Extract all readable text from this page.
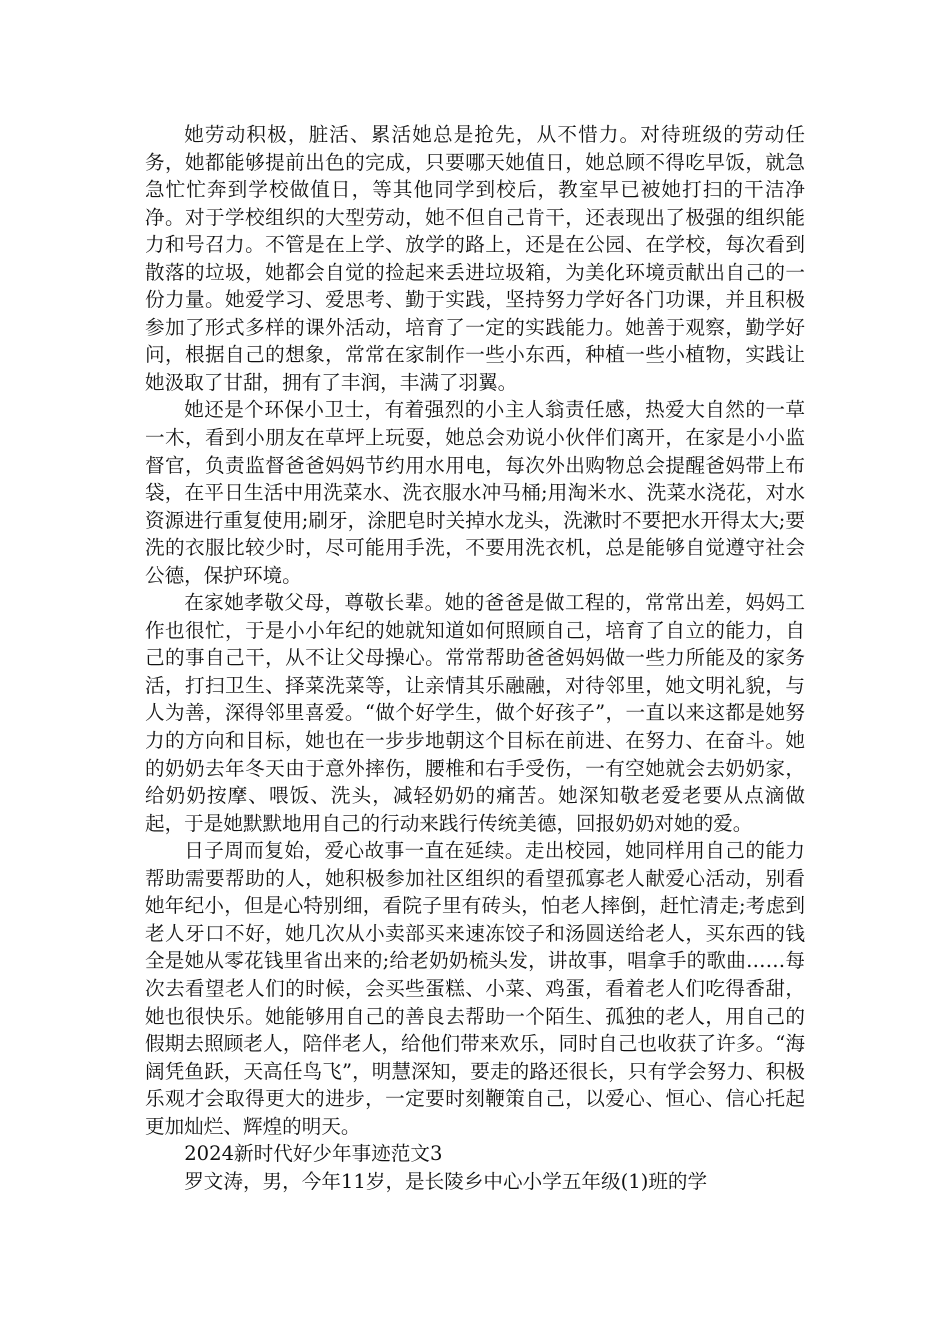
她劳动积极，脏活、累活她总是抢先，从不惜力。对待班级的劳动任务，她都能够提前出色的完成，只要哪天她值日，她总顾不得吃早饭，就急急忙忙奔到学校做值日，等其他同学到校后，教室早已被她打扫的干洁净净。对于学校组织的大型劳动，她不但自己肯干，还表现出了极强的组织能力和号召力。不管是在上学、放学的路上，还是在公园、在学校，每次看到散落的垃圾，她都会自觉的捡起来丢进垃圾箱，为美化环境贡献出自己的一份力量。她爱学习、爱思考、勤于实践，坚持努力学好各门功课，并且积极参加了形式多样的课外活动，培育了一定的实践能力。她善于观察，勤学好问，根据自己的想象，常常在家制作一些小东西，种植一些小植物，实践让她汲取了甘甜，拥有了丰润，丰满了羽翼。

她还是个环保小卫士，有着强烈的小主人翁责任感，热爱大自然的一草一木，看到小朋友在草坪上玩耍，她总会劝说小伙伴们离开，在家是小小监督官，负责监督爸爸妈妈节约用水用电，每次外出购物总会提醒爸妈带上布袋，在平日生活中用洗菜水、洗衣服水冲马桶;用淘米水、洗菜水浇花，对水资源进行重复使用;刷牙，涂肥皂时关掉水龙头，洗漱时不要把水开得太大;要洗的衣服比较少时，尽可能用手洗，不要用洗衣机，总是能够自觉遵守社会公德，保护环境。

在家她孝敬父母，尊敬长辈。她的爸爸是做工程的，常常出差，妈妈工作也很忙，于是小小年纪的她就知道如何照顾自己，培育了自立的能力，自己的事自己干，从不让父母操心。常常帮助爸爸妈妈做一些力所能及的家务活，打扫卫生、择菜洗菜等，让亲情其乐融融，对待邻里，她文明礼貌，与人为善，深得邻里喜爱。“做个好学生，做个好孩子”，一直以来这都是她努力的方向和目标，她也在一步步地朝这个目标在前进、在努力、在奋斗。她的奶奶去年冬天由于意外摔伤，腰椎和右手受伤，一有空她就会去奶奶家，给奶奶按摩、喂饭、洗头，减轻奶奶的痛苦。她深知敬老爱老要从点滴做起，于是她默默地用自己的行动来践行传统美德，回报奶奶对她的爱。

日子周而复始，爱心故事一直在延续。走出校园，她同样用自己的能力帮助需要帮助的人，她积极参加社区组织的看望孤寡老人献爱心活动，别看她年纪小，但是心特别细，看院子里有砖头，怕老人摔倒，赶忙清走;考虑到老人牙口不好，她几次从小卖部买来速冻饺子和汤圆送给老人，买东西的钱全是她从零花钱里省出来的;给老奶奶梳头发，讲故事，唱拿手的歌曲……每次去看望老人们的时候，会买些蛋糕、小菜、鸡蛋，看着老人们吃得香甜，她也很快乐。她能够用自己的善良去帮助一个陌生、孤独的老人，用自己的假期去照顾老人，陪伴老人，给他们带来欢乐，同时自己也收获了许多。“海阔凭鱼跃，天高任鸟飞”，明慧深知，要走的路还很长，只有学会努力、积极乐观才会取得更大的进步，一定要时刻鞭策自己，以爱心、恒心、信心托起更加灿烂、辉煌的明天。

2024新时代好少年事迹范文3

罗文涛，男，今年11岁，是长陵乡中心小学五年级(1)班的学
